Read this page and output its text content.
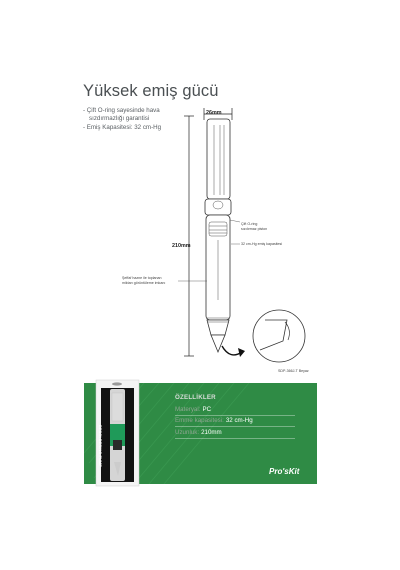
Yüksek emiş gücü
- Çift O-ring sayesinde hava
sızdırmazlığı garantisi
- Emiş Kapasitesi: 32 cm-Hg
26mm
210mm
Çift O-ring
sızdırmaz piston
32 cm-Hg emiş kapasitesi
Şeffaf hazne ile toplanan
miktarı görüntüleme imkanı
SDP-366J-T Beyaz
ÖZELLİKLER
Materyal: PC
Emme kapasitesi: 32 cm-Hg
Uzunluk: 210mm
Pro'sKit
